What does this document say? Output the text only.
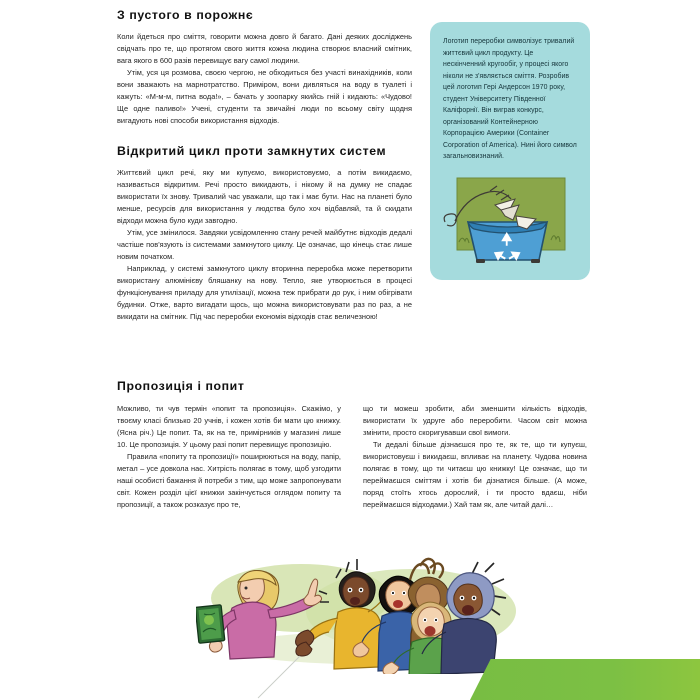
З пустого в порожнє

Коли йдеться про сміття, говорити можна довго й багато. Дані деяких досліджень свідчать про те, що протягом свого життя кожна людина створює власний смітник, вага якого в 600 разів перевищує вагу самої людини.

Утім, уся ця розмова, своєю чергою, не обходиться без участі винахідників, коли вони зважають на марнотратство. Приміром, вони дивляться на воду в туалеті і кажуть: «М-м-м, питна вода!», – бачать у зоопарку якийсь гній і кидають: «Чудово! Ще одне паливо!» Учені, студенти та звичайні люди по всьому світу щодня вигадують нові способи використання відходів.

Відкритий цикл проти замкнутих систем

Життєвий цикл речі, яку ми купуємо, використовуємо, а потім викидаємо, називається відкритим. Речі просто викидають, і нікому й на думку не спадає використати їх знову. Тривалий час уважали, що так і має бути. Нас на планеті було менше, ресурсів для використання у людства було хоч відбавляй, та й скидати відходи можна було куди завгодно.

Утім, усе змінилося. Завдяки усвідомленню стану речей майбутнє відходів дедалі частіше пов'язують із системами замкнутого циклу. Це означає, що кінець стає лише новим початком.

Наприклад, у системі замкнутого циклу вторинна переробка може перетворити використану алюмінієву бляшанку на нову. Тепло, яке утворюється в процесі функціонування приладу для утилізації, можна теж прибрати до рук, і ним обігрівати будинки. Отже, варто вигадати щось, що можна використовувати раз по раз, а не викидати на смітник. Під час переробки економія відходів стає величезною!

Пропозиція і попит

Можливо, ти чув термін «попит та пропозиція». Скажімо, у твоєму класі близько 20 учнів, і кожен хотів би мати цю книжку. (Ясна річ.) Це попит. Та, як на те, примірників у магазині лише 10. Це пропозиція. У цьому разі попит перевищує пропозицію.

Правила «попиту та пропозиції» поширюються на воду, папір, метал – усе довкола нас. Хитрість полягає в тому, щоб узгодити наші особисті бажання й потреби з тим, що може запропонувати світ. Кожен розділ цієї книжки закінчується оглядом попиту та пропозиції, а також розказує про те,

що ти можеш зробити, аби зменшити кількість відходів, використати їх удруге або переробити. Часом світ можна змінити, просто скоригувавши свої вимоги.

Ти дедалі більше дізнаєшся про те, як те, що ти купуєш, використовуєш і викидаєш, впливає на планету. Чудова новина полягає в тому, що ти читаєш цю книжку! Це означає, що ти переймаєшся сміттям і хотів би дізнатися більше. (А може, поряд стоїть хтось дорослий, і ти просто вдаєш, ніби переймаєшся відходами.) Хай там як, але читай далі…

Логотип переробки символізує тривалий життєвий цикл продукту. Це нескінченний кругообіг, у процесі якого ніколи не з'являється сміття. Розробив цей логотип Гері Андерсон 1970 року, студент Університету Південної Каліфорнії. Він виграв конкурс, організований Контейнерною Корпорацією Америки (Container Corporation of America). Нині його символ загальновизнаний.
